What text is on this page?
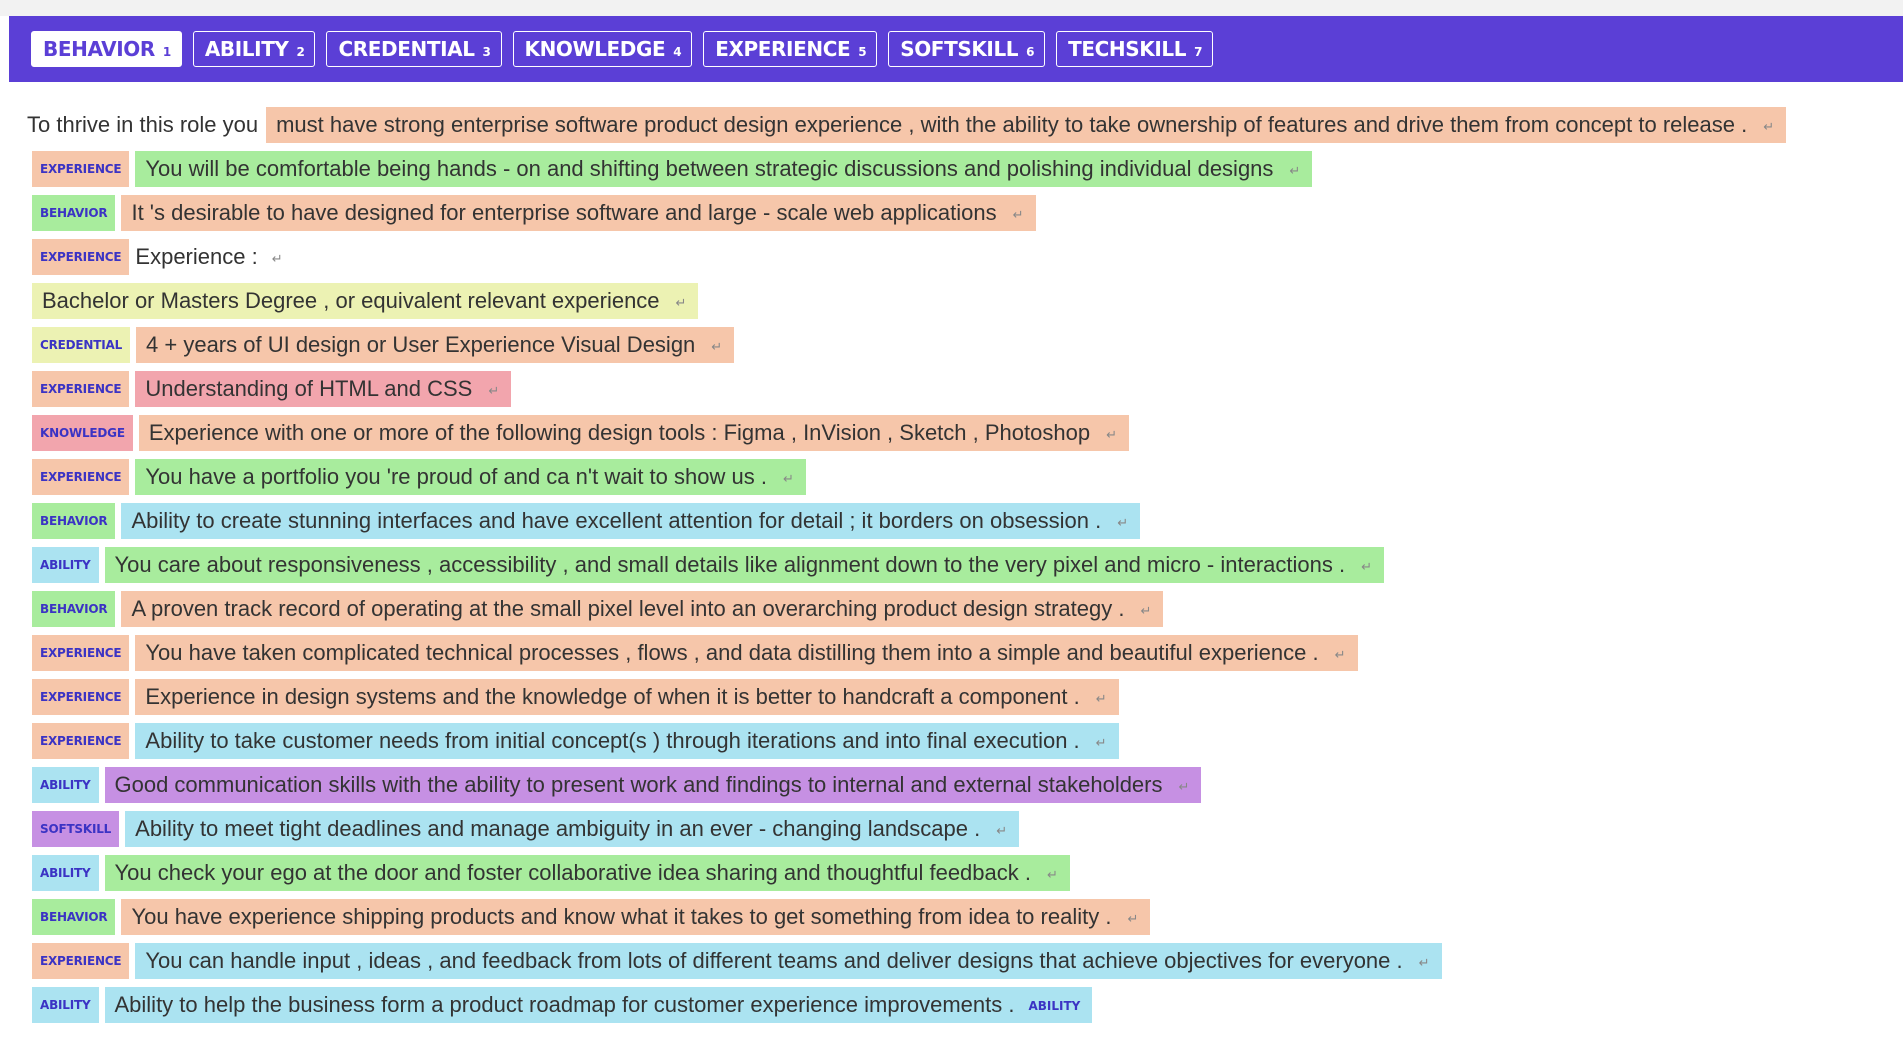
BEHAVIOR 1 ABILITY 2 CREDENTIAL 3 KNOWLEDGE 4 EXPERIENCE 5 SOFTSKILL 6 TECHSKILL 7
To thrive in this role you must have strong enterprise software product design experience , with the ability to take ownership of features and drive them from concept to release . ↵
EXPERIENCE	You will be comfortable being hands - on and shifting between strategic discussions and polishing individual designs ↵
BEHAVIOR	It 's desirable to have designed for enterprise software and large - scale web applications ↵
EXPERIENCE Experience : ↵
Bachelor or Masters Degree , or equivalent relevant experience ↵
CREDENTIAL	4 + years of UI design or User Experience Visual Design ↵
EXPERIENCE	Understanding of HTML and CSS ↵
KNOWLEDGE	Experience with one or more of the following design tools : Figma , InVision , Sketch , Photoshop ↵
EXPERIENCE	You have a portfolio you 're proud of and ca n't wait to show us . ↵
BEHAVIOR	Ability to create stunning interfaces and have excellent attention for detail ; it borders on obsession . ↵
ABILITY	You care about responsiveness , accessibility , and small details like alignment down to the very pixel and micro - interactions . ↵
BEHAVIOR	A proven track record of operating at the small pixel level into an overarching product design strategy . ↵
EXPERIENCE	You have taken complicated technical processes , flows , and data distilling them into a simple and beautiful experience . ↵
EXPERIENCE	Experience in design systems and the knowledge of when it is better to handcraft a component . ↵
EXPERIENCE	Ability to take customer needs from initial concept(s ) through iterations and into final execution . ↵
ABILITY	Good communication skills with the ability to present work and findings to internal and external stakeholders ↵
SOFTSKILL	Ability to meet tight deadlines and manage ambiguity in an ever - changing landscape . ↵
ABILITY	You check your ego at the door and foster collaborative idea sharing and thoughtful feedback . ↵
BEHAVIOR	You have experience shipping products and know what it takes to get something from idea to reality . ↵
EXPERIENCE	You can handle input , ideas , and feedback from lots of different teams and deliver designs that achieve objectives for everyone . ↵
ABILITY	Ability to help the business form a product roadmap for customer experience improvements . ABILITY
